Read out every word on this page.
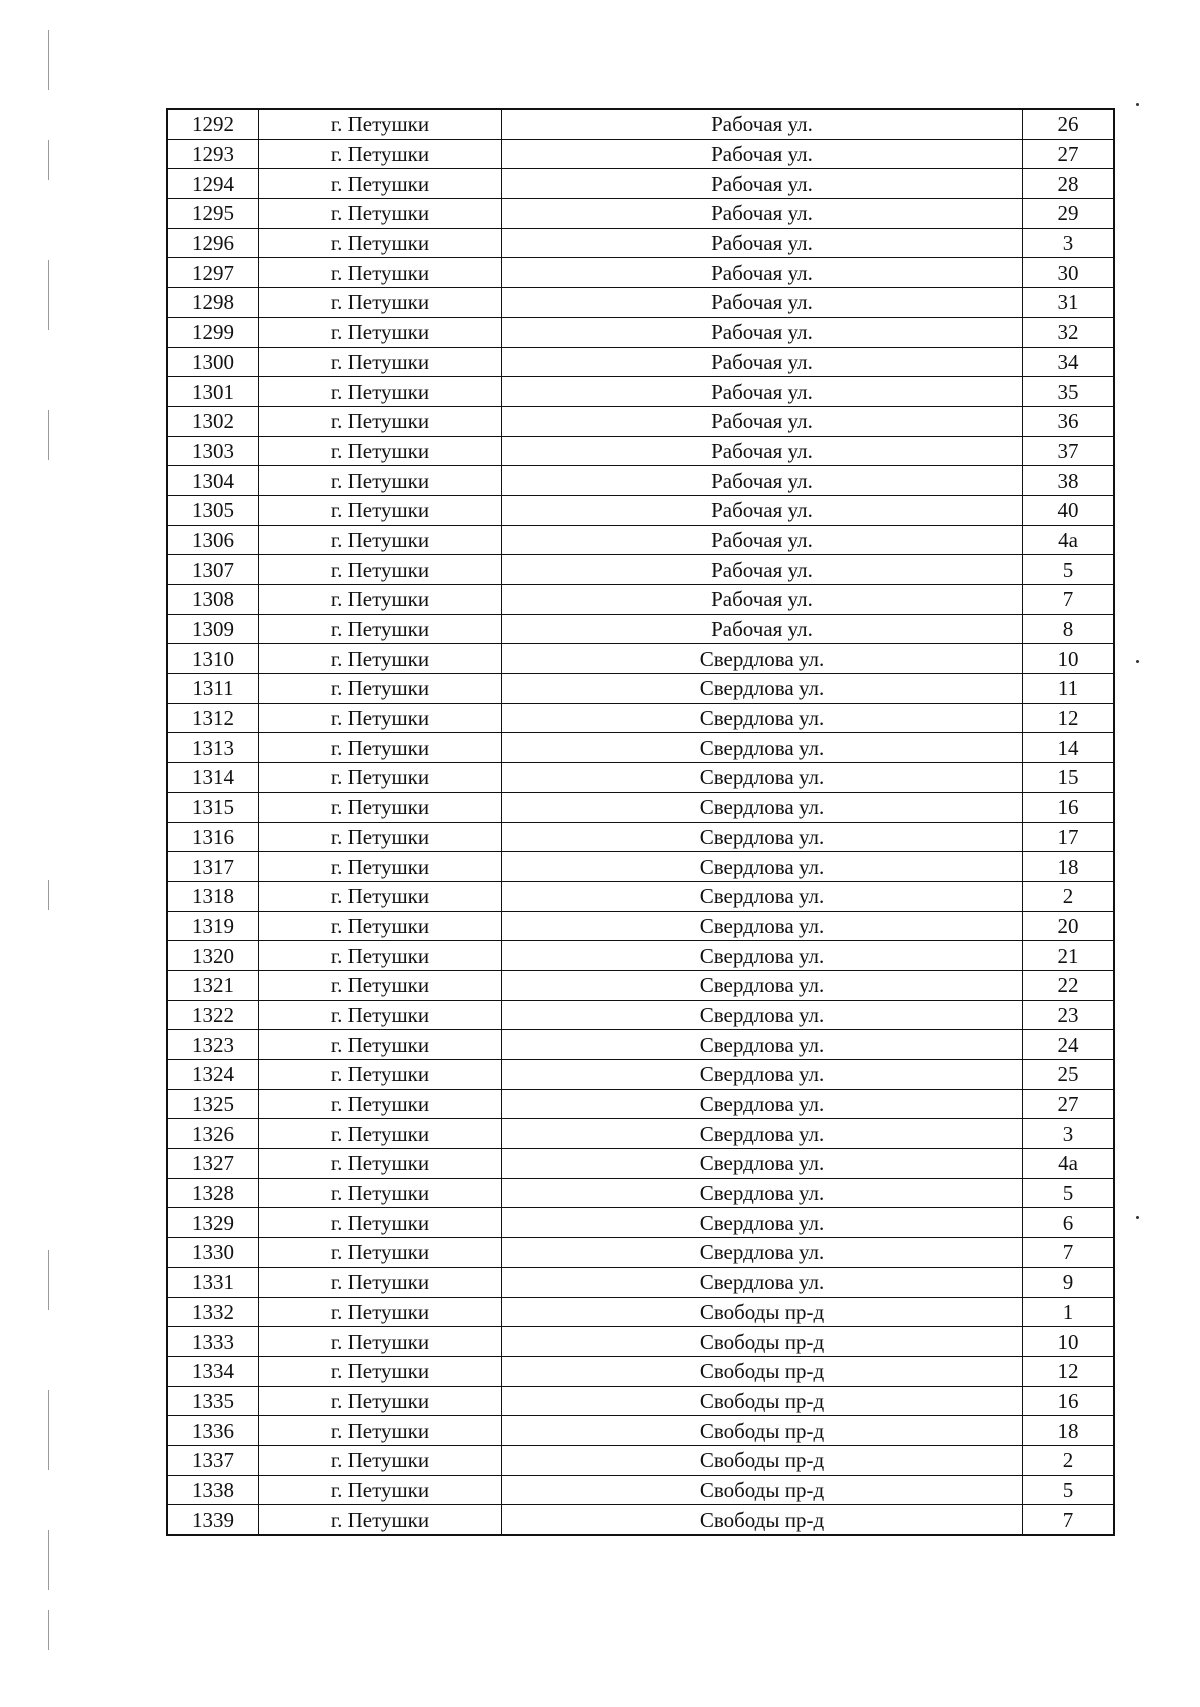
1292	г. Петушки	Рабочая ул.	26
1293	г. Петушки	Рабочая ул.	27
1294	г. Петушки	Рабочая ул.	28
1295	г. Петушки	Рабочая ул.	29
1296	г. Петушки	Рабочая ул.	3
1297	г. Петушки	Рабочая ул.	30
1298	г. Петушки	Рабочая ул.	31
1299	г. Петушки	Рабочая ул.	32
1300	г. Петушки	Рабочая ул.	34
1301	г. Петушки	Рабочая ул.	35
1302	г. Петушки	Рабочая ул.	36
1303	г. Петушки	Рабочая ул.	37
1304	г. Петушки	Рабочая ул.	38
1305	г. Петушки	Рабочая ул.	40
1306	г. Петушки	Рабочая ул.	4а
1307	г. Петушки	Рабочая ул.	5
1308	г. Петушки	Рабочая ул.	7
1309	г. Петушки	Рабочая ул.	8
1310	г. Петушки	Свердлова ул.	10
1311	г. Петушки	Свердлова ул.	11
1312	г. Петушки	Свердлова ул.	12
1313	г. Петушки	Свердлова ул.	14
1314	г. Петушки	Свердлова ул.	15
1315	г. Петушки	Свердлова ул.	16
1316	г. Петушки	Свердлова ул.	17
1317	г. Петушки	Свердлова ул.	18
1318	г. Петушки	Свердлова ул.	2
1319	г. Петушки	Свердлова ул.	20
1320	г. Петушки	Свердлова ул.	21
1321	г. Петушки	Свердлова ул.	22
1322	г. Петушки	Свердлова ул.	23
1323	г. Петушки	Свердлова ул.	24
1324	г. Петушки	Свердлова ул.	25
1325	г. Петушки	Свердлова ул.	27
1326	г. Петушки	Свердлова ул.	3
1327	г. Петушки	Свердлова ул.	4а
1328	г. Петушки	Свердлова ул.	5
1329	г. Петушки	Свердлова ул.	6
1330	г. Петушки	Свердлова ул.	7
1331	г. Петушки	Свердлова ул.	9
1332	г. Петушки	Свободы пр-д	1
1333	г. Петушки	Свободы пр-д	10
1334	г. Петушки	Свободы пр-д	12
1335	г. Петушки	Свободы пр-д	16
1336	г. Петушки	Свободы пр-д	18
1337	г. Петушки	Свободы пр-д	2
1338	г. Петушки	Свободы пр-д	5
1339	г. Петушки	Свободы пр-д	7
